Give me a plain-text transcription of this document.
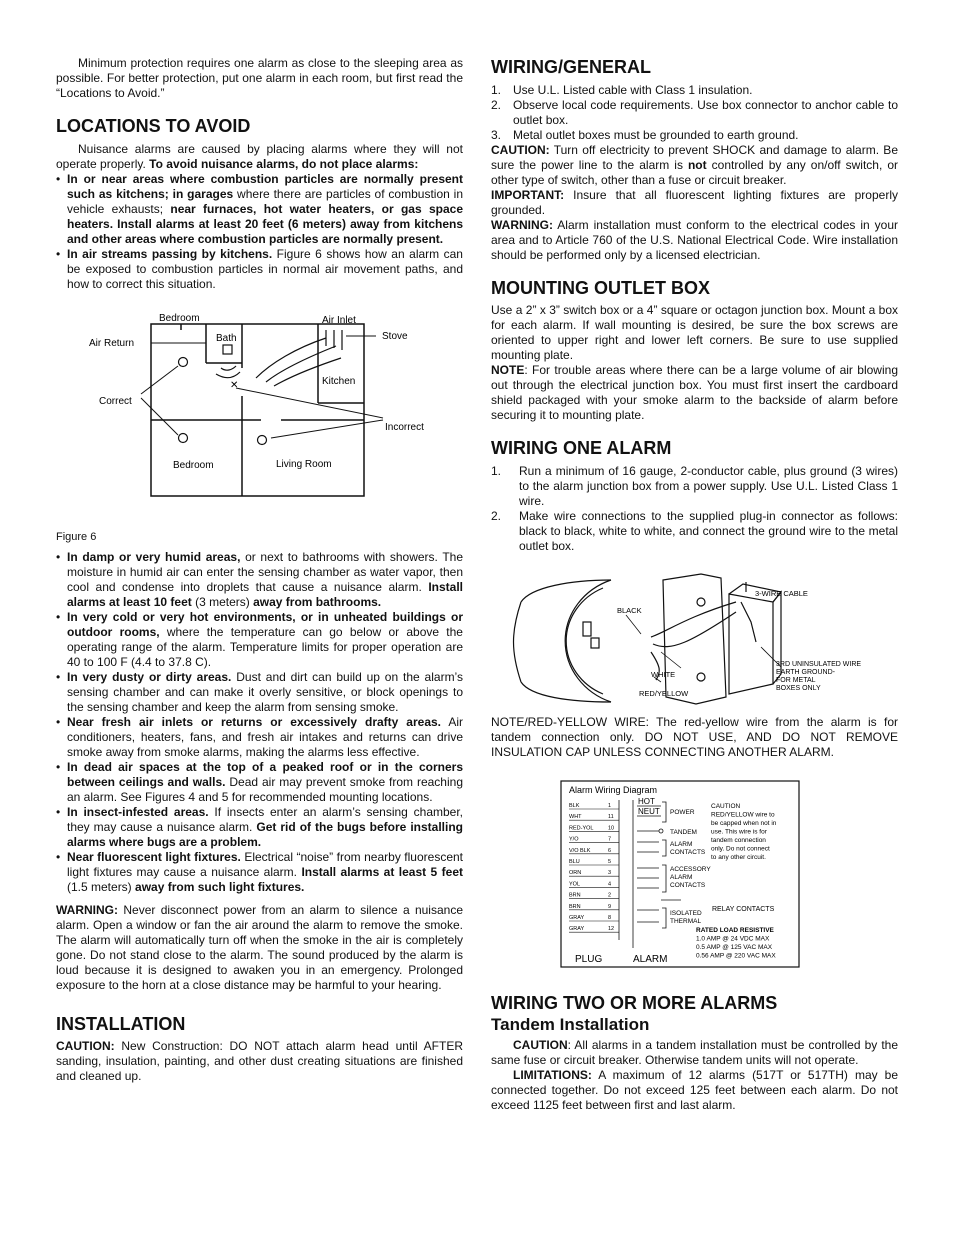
Minimum protection requires one alarm as close to the sleeping area as possible. For better protection, put one alarm in each room, but first read the “Locations to Avoid.”

LOCATIONS TO AVOID

Nuisance alarms are caused by placing alarms where they will not operate properly. To avoid nuisance alarms, do not place alarms:

• In or near areas where combustion particles are normally present such as kitchens; in garages where there are particles of combustion in vehicle exhausts; near furnaces, hot water heaters, or gas space heaters. Install alarms at least 20 feet (6 meters) away from kitchens and other areas where combustion particles are normally present.
• In air streams passing by kitchens. Figure 6 shows how an alarm can be exposed to combustion particles in normal air movement paths, and how to correct this situation.
✕
Bedroom	Air Inlet
Bath	Stove
Air Return
Kitchen
Correct
Incorrect
Bedroom	Living Room

Figure 6

• In damp or very humid areas, or next to bathrooms with showers. The moisture in humid air can enter the sensing chamber as water vapor, then cool and condense into droplets that cause a nuisance alarm. Install alarms at least 10 feet (3 meters) away from bathrooms.
• In very cold or very hot environments, or in unheated buildings or outdoor rooms, where the temperature can go below or above the operating range of the alarm. Temperature limits for proper operation are 40 to 100 F (4.4 to 37.8 C).
• In very dusty or dirty areas. Dust and dirt can build up on the alarm’s sensing chamber and can make it overly sensitive, or block openings to the sensing chamber and keep the alarm from sensing smoke.
• Near fresh air inlets or returns or excessively drafty areas. Air conditioners, heaters, fans, and fresh air intakes and returns can drive smoke away from smoke alarms, making the alarms less effective.
• In dead air spaces at the top of a peaked roof or in the corners between ceilings and walls. Dead air may prevent smoke from reaching an alarm. See Figures 4 and 5 for recommended mounting locations.
• In insect-infested areas. If insects enter an alarm’s sensing chamber, they may cause a nuisance alarm. Get rid of the bugs before installing alarms where bugs are a problem.
• Near fluorescent light fixtures. Electrical “noise” from nearby fluorescent light fixtures may cause a nuisance alarm. Install alarms at least 5 feet (1.5 meters) away from such light fixtures.

WARNING: Never disconnect power from an alarm to silence a nuisance alarm. Open a window or fan the air around the alarm to remove the smoke. The alarm will automatically turn off when the smoke in the air is completely gone. Do not stand close to the alarm. The sound produced by the alarm is loud because it is designed to awaken you in an emergency. Prolonged exposure to the horn at a close distance may be harmful to your hearing.

INSTALLATION

CAUTION: New Construction: DO NOT attach alarm head until AFTER sanding, insulation, painting, and other dust creating situations are finished and cleaned up.

WIRING/GENERAL
1. Use U.L. Listed cable with Class 1 insulation.
2. Observe local code requirements. Use box connector to anchor cable to outlet box.
3. Metal outlet boxes must be grounded to earth ground.

CAUTION: Turn off electricity to prevent SHOCK and damage to alarm. Be sure the power line to the alarm is not controlled by any on/off switch, or other type of switch, other than a fuse or circuit breaker.

IMPORTANT: Insure that all fluorescent lighting fixtures are properly grounded.

WARNING: Alarm installation must conform to the electrical codes in your area and to Article 760 of the U.S. National Electrical Code. Wire installation should be performed only by a licensed electrician.

MOUNTING OUTLET BOX

Use a 2” x 3” switch box or a 4” square or octagon junction box. Mount a box for each alarm. If wall mounting is desired, be sure the box screws are oriented to upper right and lower left corners. Be sure to use supplied mounting plate.

NOTE: For trouble areas where there can be a large volume of air blowing out through the electrical junction box. You must first insert the cardboard shield packaged with your smoke alarm to the backside of alarm before securing it to mounting plate.

WIRING ONE ALARM
1. Run a minimum of 16 gauge, 2-conductor cable, plus ground (3 wires) to the alarm junction box from a power supply. Use U.L. Listed Class 1 wire.
2. Make wire connections to the supplied plug-in connector as follows: black to black, white to white, and connect the ground wire to the metal outlet box.
3-WIRE CABLE
BLACK
WHITE
RED/YELLOW
3RD UNINSULATED WIRE
EARTH GROUND-
FOR METAL
BOXES ONLY

NOTE/RED-YELLOW WIRE: The red-yellow wire from the alarm is for tandem connection only. DO NOT USE, AND DO NOT REMOVE INSULATION CAP UNLESS CONNECTING ANOTHER ALARM.

Alarm Wiring Diagram
BLK	1
WHT	11
RED-YOL	10
Y/O	7
V/O BLK	6
BLU	5
ORN	3
YOL	4
BRN	2
BRN	9
GRAY	8
GRAY	12
HOT
NEUT POWER
TANDEM
ALARM
CONTACTS
ACCESSORY
ALARM
CONTACTS
ISOLATED
THERMAL
CAUTION
RED/YELLOW wire to
be capped when not in
use. This wire is for
tandem connection
only. Do not connect
to any other circuit.
RELAY CONTACTS
RATED LOAD RESISTIVE
1.0 AMP @ 24 VDC MAX
0.5 AMP @ 125 VAC MAX
0.56 AMP @ 220 VAC MAX
PLUG	ALARM
WIRING TWO OR MORE ALARMS
Tandem Installation

CAUTION: All alarms in a tandem installation must be controlled by the same fuse or circuit breaker. Otherwise tandem units will not operate.

LIMITATIONS: A maximum of 12 alarms (517T or 517TH) may be connected together. Do not exceed 125 feet between each alarm. Do not exceed 1125 feet between first and last alarm.
